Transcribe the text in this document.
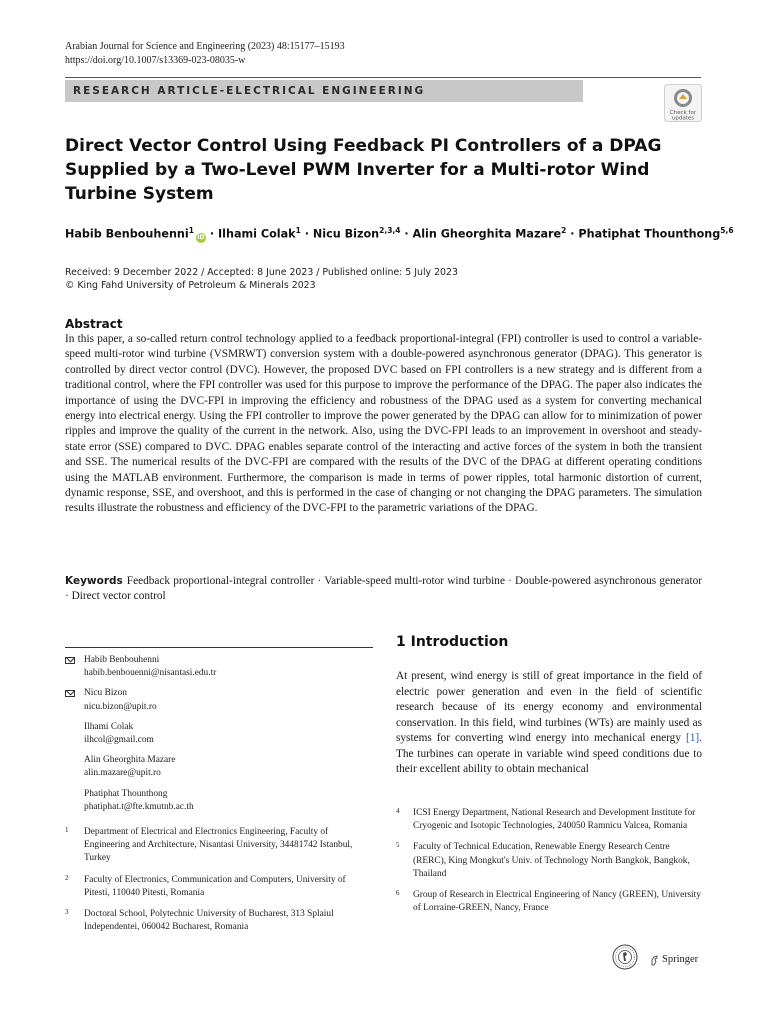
Arabian Journal for Science and Engineering (2023) 48:15177–15193
https://doi.org/10.1007/s13369-023-08035-w
RESEARCH ARTICLE-ELECTRICAL ENGINEERING
Check for
updates
Direct Vector Control Using Feedback PI Controllers of a DPAG Supplied by a Two-Level PWM Inverter for a Multi-rotor Wind Turbine System
Habib Benbouhenni$^1$iD · Ilhami Colak$^1$ · Nicu Bizon$^{2,3,4}$ · Alin Gheorghita Mazare$^2$ · Phatiphat Thounthong$^{5,6}$
Received: 9 December 2022 / Accepted: 8 June 2023 / Published online: 5 July 2023
© King Fahd University of Petroleum & Minerals 2023
Abstract
In this paper, a so-called return control technology applied to a feedback proportional-integral (FPI) controller is used to control a variable-speed multi-rotor wind turbine (VSMRWT) conversion system with a double-powered asynchronous generator (DPAG). This generator is controlled by direct vector control (DVC). However, the proposed DVC based on FPI controllers is a new strategy and is different from a traditional control, where the FPI controller was used for this purpose to improve the performance of the DPAG. The paper also indicates the importance of using the DVC-FPI in improving the efficiency and robustness of the DPAG used as a system for converting mechanical energy into electrical energy. Using the FPI controller to improve the power generated by the DPAG can allow for to minimization of power ripples and improve the quality of the current in the network. Also, using the DVC-FPI leads to an improvement in overshoot and steady-state error (SSE) compared to DVC. DPAG enables separate control of the interacting and active forces of the system in both the transient and SSE. The numerical results of the DVC-FPI are compared with the results of the DVC of the DPAG at different operating conditions using the MATLAB environment. Furthermore, the comparison is made in terms of power ripples, total harmonic distortion of current, dynamic response, SSE, and overshoot, and this is performed in the case of changing or not changing the DPAG parameters. The simulation results illustrate the robustness and efficiency of the DVC-FPI to the parametric variations of the DPAG.
Keywords Feedback proportional-integral controller · Variable-speed multi-rotor wind turbine · Double-powered asynchronous generator · Direct vector control
Habib Benbouhenni
habib.benbouenni@nisantasi.edu.tr
Nicu Bizon
nicu.bizon@upit.ro
Ilhami Colak
ilhcol@gmail.com
Alin Gheorghita Mazare
alin.mazare@upit.ro
Phatiphat Thounthong
phatiphat.t@fte.kmutnb.ac.th
1 Department of Electrical and Electronics Engineering, Faculty of Engineering and Architecture, Nisantasi University, 34481742 Istanbul, Turkey
2 Faculty of Electronics, Communication and Computers, University of Pitesti, 110040 Pitesti, Romania
3 Doctoral School, Polytechnic University of Bucharest, 313 Splaiul Independentei, 060042 Bucharest, Romania
1 Introduction
At present, wind energy is still of great importance in the field of electric power generation and even in the field of scientific research because of its energy economy and environmental conservation. In this field, wind turbines (WTs) are mainly used as systems for converting wind energy into mechanical energy [1]. The turbines can operate in variable wind speed conditions due to their excellent ability to obtain mechanical
4 ICSI Energy Department, National Research and Development Institute for Cryogenic and Isotopic Technologies, 240050 Ramnicu Valcea, Romania
5 Faculty of Technical Education, Renewable Energy Research Centre (RERC), King Mongkut's Univ. of Technology North Bangkok, Bangkok, Thailand
6 Group of Research in Electrical Engineering of Nancy (GREEN), University of Lorraine-GREEN, Nancy, France
Springer
